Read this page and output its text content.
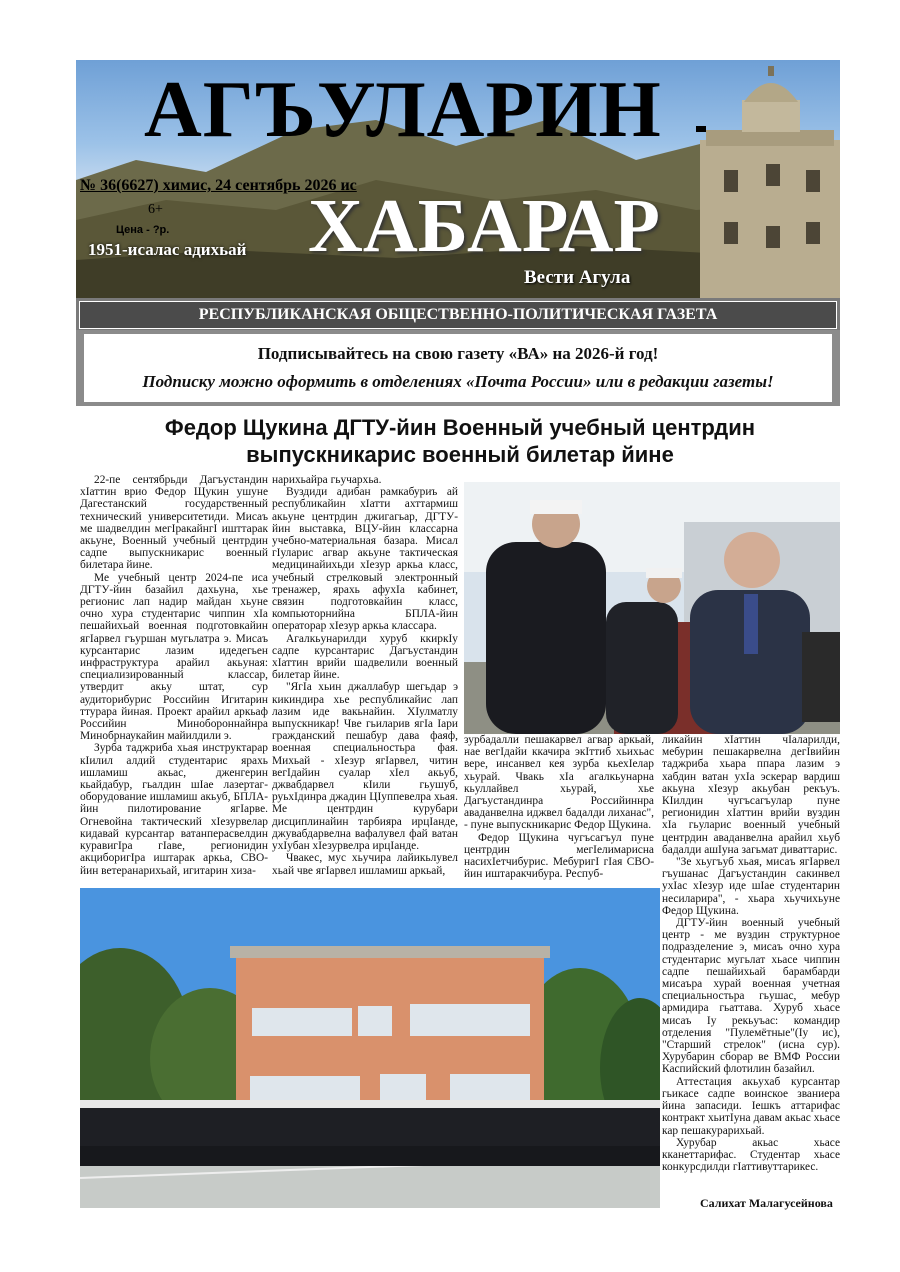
АГЪУЛАРИН

№ 36(6627) химис, 24 сентябрь 2026 ис

6+
Цена - ?р.
1951-исалас адихьай ХАБАРАР
Вести Агула
РЕСПУБЛИКАНСКАЯ ОБЩЕСТВЕННО-ПОЛИТИЧЕСКАЯ ГАЗЕТА

Подписывайтесь на свою газету «ВА» на 2026-й год!

Подписку можно оформить в отделениях «Почта России» или в редакции газеты!

Федор Щукина ДГТУ-йин Военный учебный центрдин
выпускникарис военный билетар йине

22-пе сентябрьди Дагъустандин хIаттин врио Федор Щукин ушуне Дагестанский государственный технический университетиди. Мисаъ ме шадвелдин мегIракайнгI ишттарак акьуне, Военный учебный центрдин садпе выпускникарис военный билетара йине.

Ме учебный центр 2024-пе иса ДГТУ-йин базайил дахьуна, хье регионис лап надир майдан хьуне очно хура студентарис чиппин хIа пешайихьай военная подготовкайин ягIарвел гъуршан мугьлатра э. Мисаъ курсантарис лазим идедегьен инфраструктура арайил акьуная: специализированный классар, утвердит акьу штат, сур аудиторибурис Российин Игитарин ттурара йиная. Проект арайил аркьаф Российин Минобороннайнра Минобрнаукайин майилдили э.

Зурба таджриба хьая инструктарар кIилил алдий студентарис ярахь ишламиш акьас, дженгерин кьайдабур, гьалдин шIае лазертаг-оборудование ишламиш акьуб, БПЛА-йин пилотирование ягIарве. Огневойна тактический хIезурвелар кидавай курсантар ватанперасвелдин куравигIра гIаве, регионидин акциборигIра иштарак аркьа, СВО-йин ветеранарихьай, игитарин хиза-

нарихьайра гьучархьа.

Вуздиди адибан рамкабуриъ ай республикайин хIатти ахттармиш акьуне центрдин джигагьар, ДГТУ-йин выставка, ВЦУ-йин классарна учебно-материальная базара. Мисал гIуларис агвар акьуне тактическая медицинайихьди хIезур аркьа класс, учебный стрелковый электронный тренажер, ярахь афухIа кабинет, связин подготовкайин класс, компьюторнийна БПЛА-йин операторар хIезур аркьа классара.

Агалкьунарилди хуруб ккиркIу садпе курсантарис Дагъустандин хIаттин врийи шадвелили военный билетар йине.

"ЯгIа хьин джаллабур шегьдар э кикиндира хье республикайис лап лазим иде вакьнайин. ХIулматлу выпускникар! Чве гьиларив ягIа Iари гражданский пешабур дава фаяф, военная специальностьра фая. Михьай - хIезур ягIарвел, читин вегIдайин суалар хIел акьуб, джвабдарвел кIили гьушуб, руьхIдинра джадин ЦIуппевелра хьая. Ме центрдин курубари дисциплинайин тарбияра ирцIанде, джувабдарвелна вафалувел фай ватан уxIубан хIезурвелра ирцIанде.

Чвакес, мус хьучира лайикьлувел хьай чве ягIарвел ишламиш аркьай,

зурбадалли пешакарвел агвар аркьай, нае вегIдайи ккачира экIттиб хьихьас вере, инсанвел кея зурба кьехIелар хьурай. Чвакь хIа агалкьунарна кьуллайвел хьурай, хье Дагъустандинра Российиннра аваданвелна иджвел бадалди лиханас", - пуне выпускникарис Федор Щукина.

Федор Щукина чугъсагъул пуне центрдин мегIелимарисна насихIетчибурис. МебуригI гIая СВО-йин иштаракчибура. Респуб-

ликайин хIаттин чIаларилди, мебурин пешакарвелна дегIвийин таджриба хьара ппара лазим э хабдин ватан ухIа эскерар вардиш акьуна хIезур акьубан рекъуъ. КIилдин чугъсагъулар пуне регионидин хIаттин врийи вуздин хIа гьуларис военный учебный центрдин аваданвелна арайил хьуб бадалди ашIуна загьмат диваттарис.

"Зе хьугъуб хьая, мисаъ ягIарвел гъушанас Дагъустандин сакинвел ухIас хIезур иде шIае студентарин несиларира", - хьара хьучихьуне Федор Щукина.

ДГТУ-йин военный учебный центр - ме вуздин структурное подразделение э, мисаъ очно хура студентарис мугьлат хьасе чиппин садпе пешайихьай барамбарди мисаъра хурай военная учетная специальностьра гьушас, мебур армидира гьаттава. Хуруб хьасе мисаъ Iу рекьуъас: командир отделения "Пулемётные"(Iу ис), "Старший стрелок" (иснa сур). Хурубарин сборар ве ВМФ России Каспийский флотилин базайил.

Аттестация акьухаб курсантар гьикасе садпе воинское званиера йина запасиди. Iешкъ аттарифас контракт хьитIуна давам акьас хьасе кар пешакурарихьай.

Хурубар акьас хьасе кканеттарифас. Студентар хьасе конкурсдилди гIаттивуттарикес.

Салихат Малагусейнова
